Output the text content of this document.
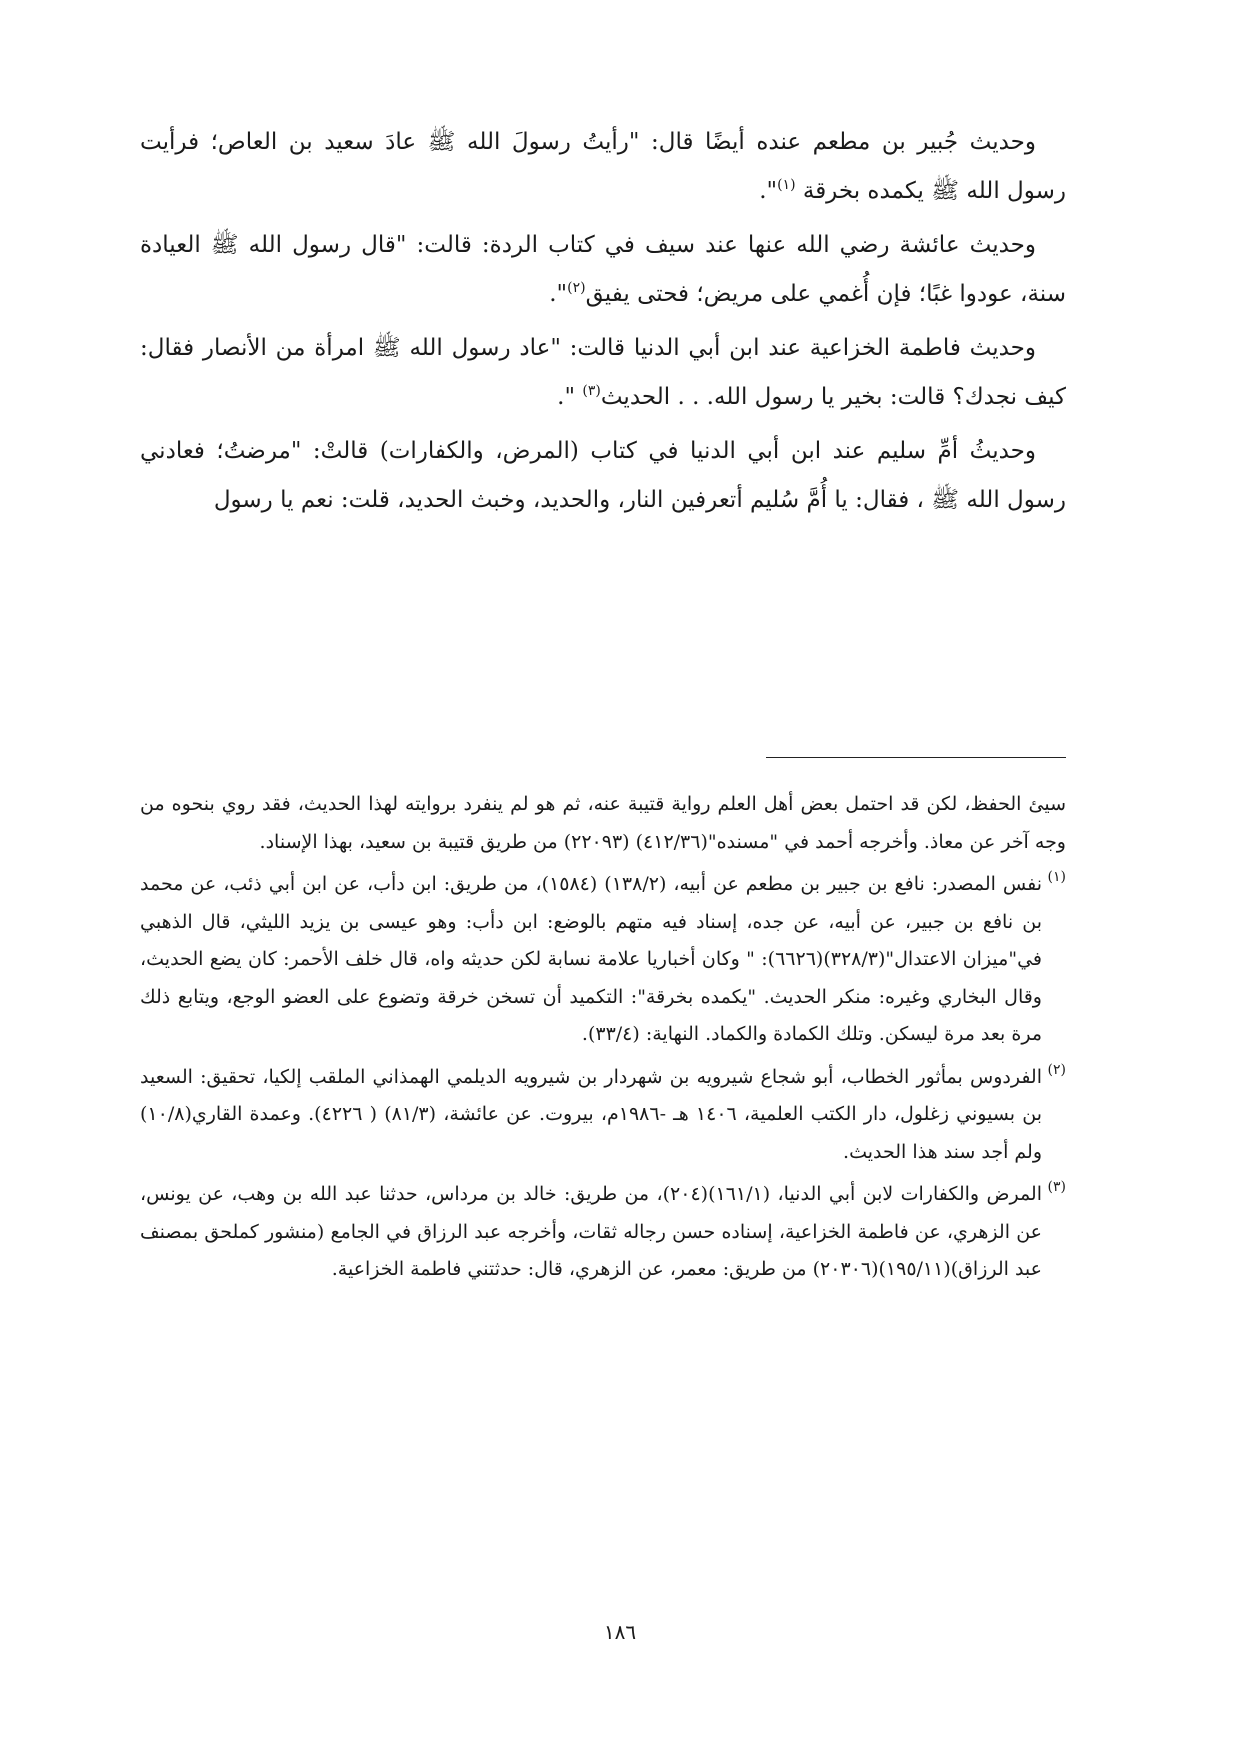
وحديث جُبير بن مطعم عنده أيضًا قال: "رأيتُ رسولَ الله ﷺ عادَ سعيد بن العاص؛ فرأيت رسول الله ﷺ يكمده بخرقة $^{(١)}$".

وحديث عائشة رضي الله عنها عند سيف في كتاب الردة: قالت: "قال رسول الله ﷺ العيادة سنة، عودوا غبًا؛ فإن أُغمي على مريض؛ فحتى يفيق$^{(٢)}$".

وحديث فاطمة الخزاعية عند ابن أبي الدنيا قالت: "عاد رسول الله ﷺ امرأة من الأنصار فقال: كيف نجدك؟ قالت: بخير يا رسول الله. . . الحديث$^{(٣)}$ ".

وحديثُ أمِّ سليم عند ابن أبي الدنيا في كتاب (المرض، والكفارات) قالتْ: "مرضتُ؛ فعادني رسول الله ﷺ ، فقال: يا أُمَّ سُليم أتعرفين النار، والحديد، وخبث الحديد، قلت: نعم يا رسول

سيئ الحفظ، لكن قد احتمل بعض أهل العلم رواية قتيبة عنه، ثم هو لم ينفرد بروايته لهذا الحديث، فقد روي بنحوه من وجه آخر عن معاذ. وأخرجه أحمد في "مسنده"(٤١٢/٣٦) (٢٢٠٩٣) من طريق قتيبة بن سعيد، بهذا الإسناد.

(١)نفس المصدر: نافع بن جبير بن مطعم عن أبيه، (١٣٨/٢) (١٥٨٤)، من طريق: ابن دأب، عن ابن أبي ذئب، عن محمد بن نافع بن جبير، عن أبيه، عن جده، إسناد فيه متهم بالوضع: ابن دأب: وهو عيسى بن يزيد الليثي، قال الذهبي في"ميزان الاعتدال"(٣٢٨/٣)(٦٦٢٦): " وكان أخباريا علامة نسابة لكن حديثه واه، قال خلف الأحمر: كان يضع الحديث، وقال البخاري وغيره: منكر الحديث. "يكمده بخرقة": التكميد أن تسخن خرقة وتضوع على العضو الوجع، ويتابع ذلك مرة بعد مرة ليسكن. وتلك الكمادة والكماد. النهاية: (٣٣/٤).

(٢)الفردوس بمأثور الخطاب، أبو شجاع شيرويه بن شهردار بن شيرويه الديلمي الهمذاني الملقب إلكيا، تحقيق: السعيد بن بسيوني زغلول، دار الكتب العلمية، ١٤٠٦ هـ -١٩٨٦م، بيروت. عن عائشة، (٨١/٣) ( ٤٢٢٦). وعمدة القاري(١٠/٨) ولم أجد سند هذا الحديث.

(٣)المرض والكفارات لابن أبي الدنيا، (١٦١/١)(٢٠٤)، من طريق: خالد بن مرداس، حدثنا عبد الله بن وهب، عن يونس، عن الزهري، عن فاطمة الخزاعية، إسناده حسن رجاله ثقات، وأخرجه عبد الرزاق في الجامع (منشور كملحق بمصنف عبد الرزاق)(١٩٥/١١)(٢٠٣٠٦) من طريق: معمر، عن الزهري، قال: حدثتني فاطمة الخزاعية.

١٨٦
